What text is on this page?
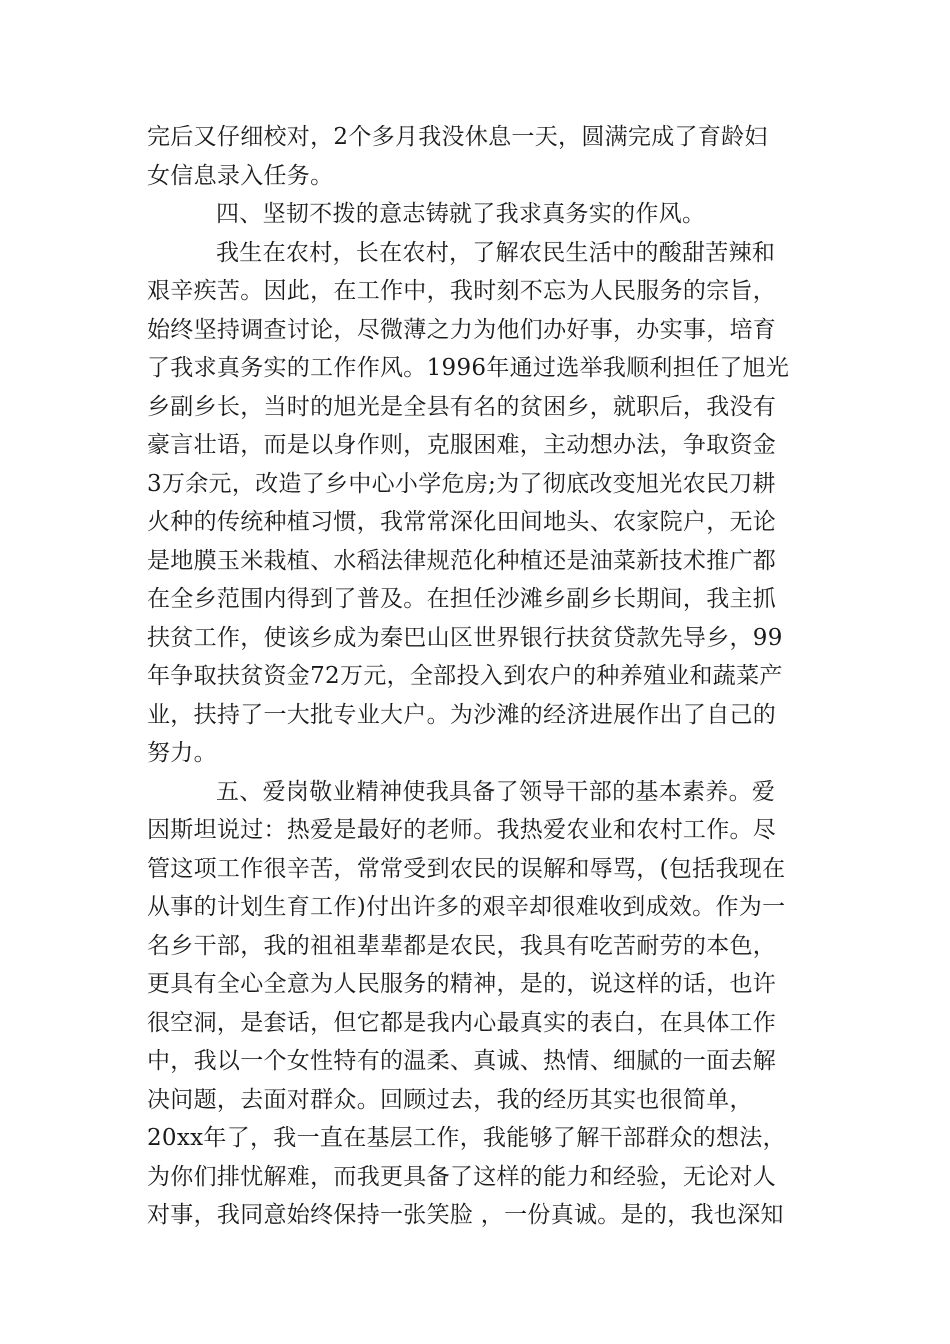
完后又仔细校对，2个多月我没休息一天，圆满完成了育龄妇
女信息录入任务。
四、坚韧不拨的意志铸就了我求真务实的作风。
我生在农村，长在农村，了解农民生活中的酸甜苦辣和
艰辛疾苦。因此，在工作中，我时刻不忘为人民服务的宗旨，
始终坚持调查讨论，尽微薄之力为他们办好事，办实事，培育
了我求真务实的工作作风。1996年通过选举我顺利担任了旭光
乡副乡长，当时的旭光是全县有名的贫困乡，就职后，我没有
豪言壮语，而是以身作则，克服困难，主动想办法，争取资金
3万余元，改造了乡中心小学危房;为了彻底改变旭光农民刀耕
火种的传统种植习惯，我常常深化田间地头、农家院户，无论
是地膜玉米栽植、水稻法律规范化种植还是油菜新技术推广都
在全乡范围内得到了普及。在担任沙滩乡副乡长期间，我主抓
扶贫工作，使该乡成为秦巴山区世界银行扶贫贷款先导乡，99
年争取扶贫资金72万元，全部投入到农户的种养殖业和蔬菜产
业，扶持了一大批专业大户。为沙滩的经济进展作出了自己的
努力。
五、爱岗敬业精神使我具备了领导干部的基本素养。爱
因斯坦说过：热爱是最好的老师。我热爱农业和农村工作。尽
管这项工作很辛苦，常常受到农民的误解和辱骂，(包括我现在
从事的计划生育工作)付出许多的艰辛却很难收到成效。作为一
名乡干部，我的祖祖辈辈都是农民，我具有吃苦耐劳的本色，
更具有全心全意为人民服务的精神，是的，说这样的话，也许
很空洞，是套话，但它都是我内心最真实的表白，在具体工作
中，我以一个女性特有的温柔、真诚、热情、细腻的一面去解
决问题，去面对群众。回顾过去，我的经历其实也很简单，
20xx年了，我一直在基层工作，我能够了解干部群众的想法，
为你们排忧解难，而我更具备了这样的能力和经验，无论对人
对事，我同意始终保持一张笑脸 ，一份真诚。是的，我也深知
